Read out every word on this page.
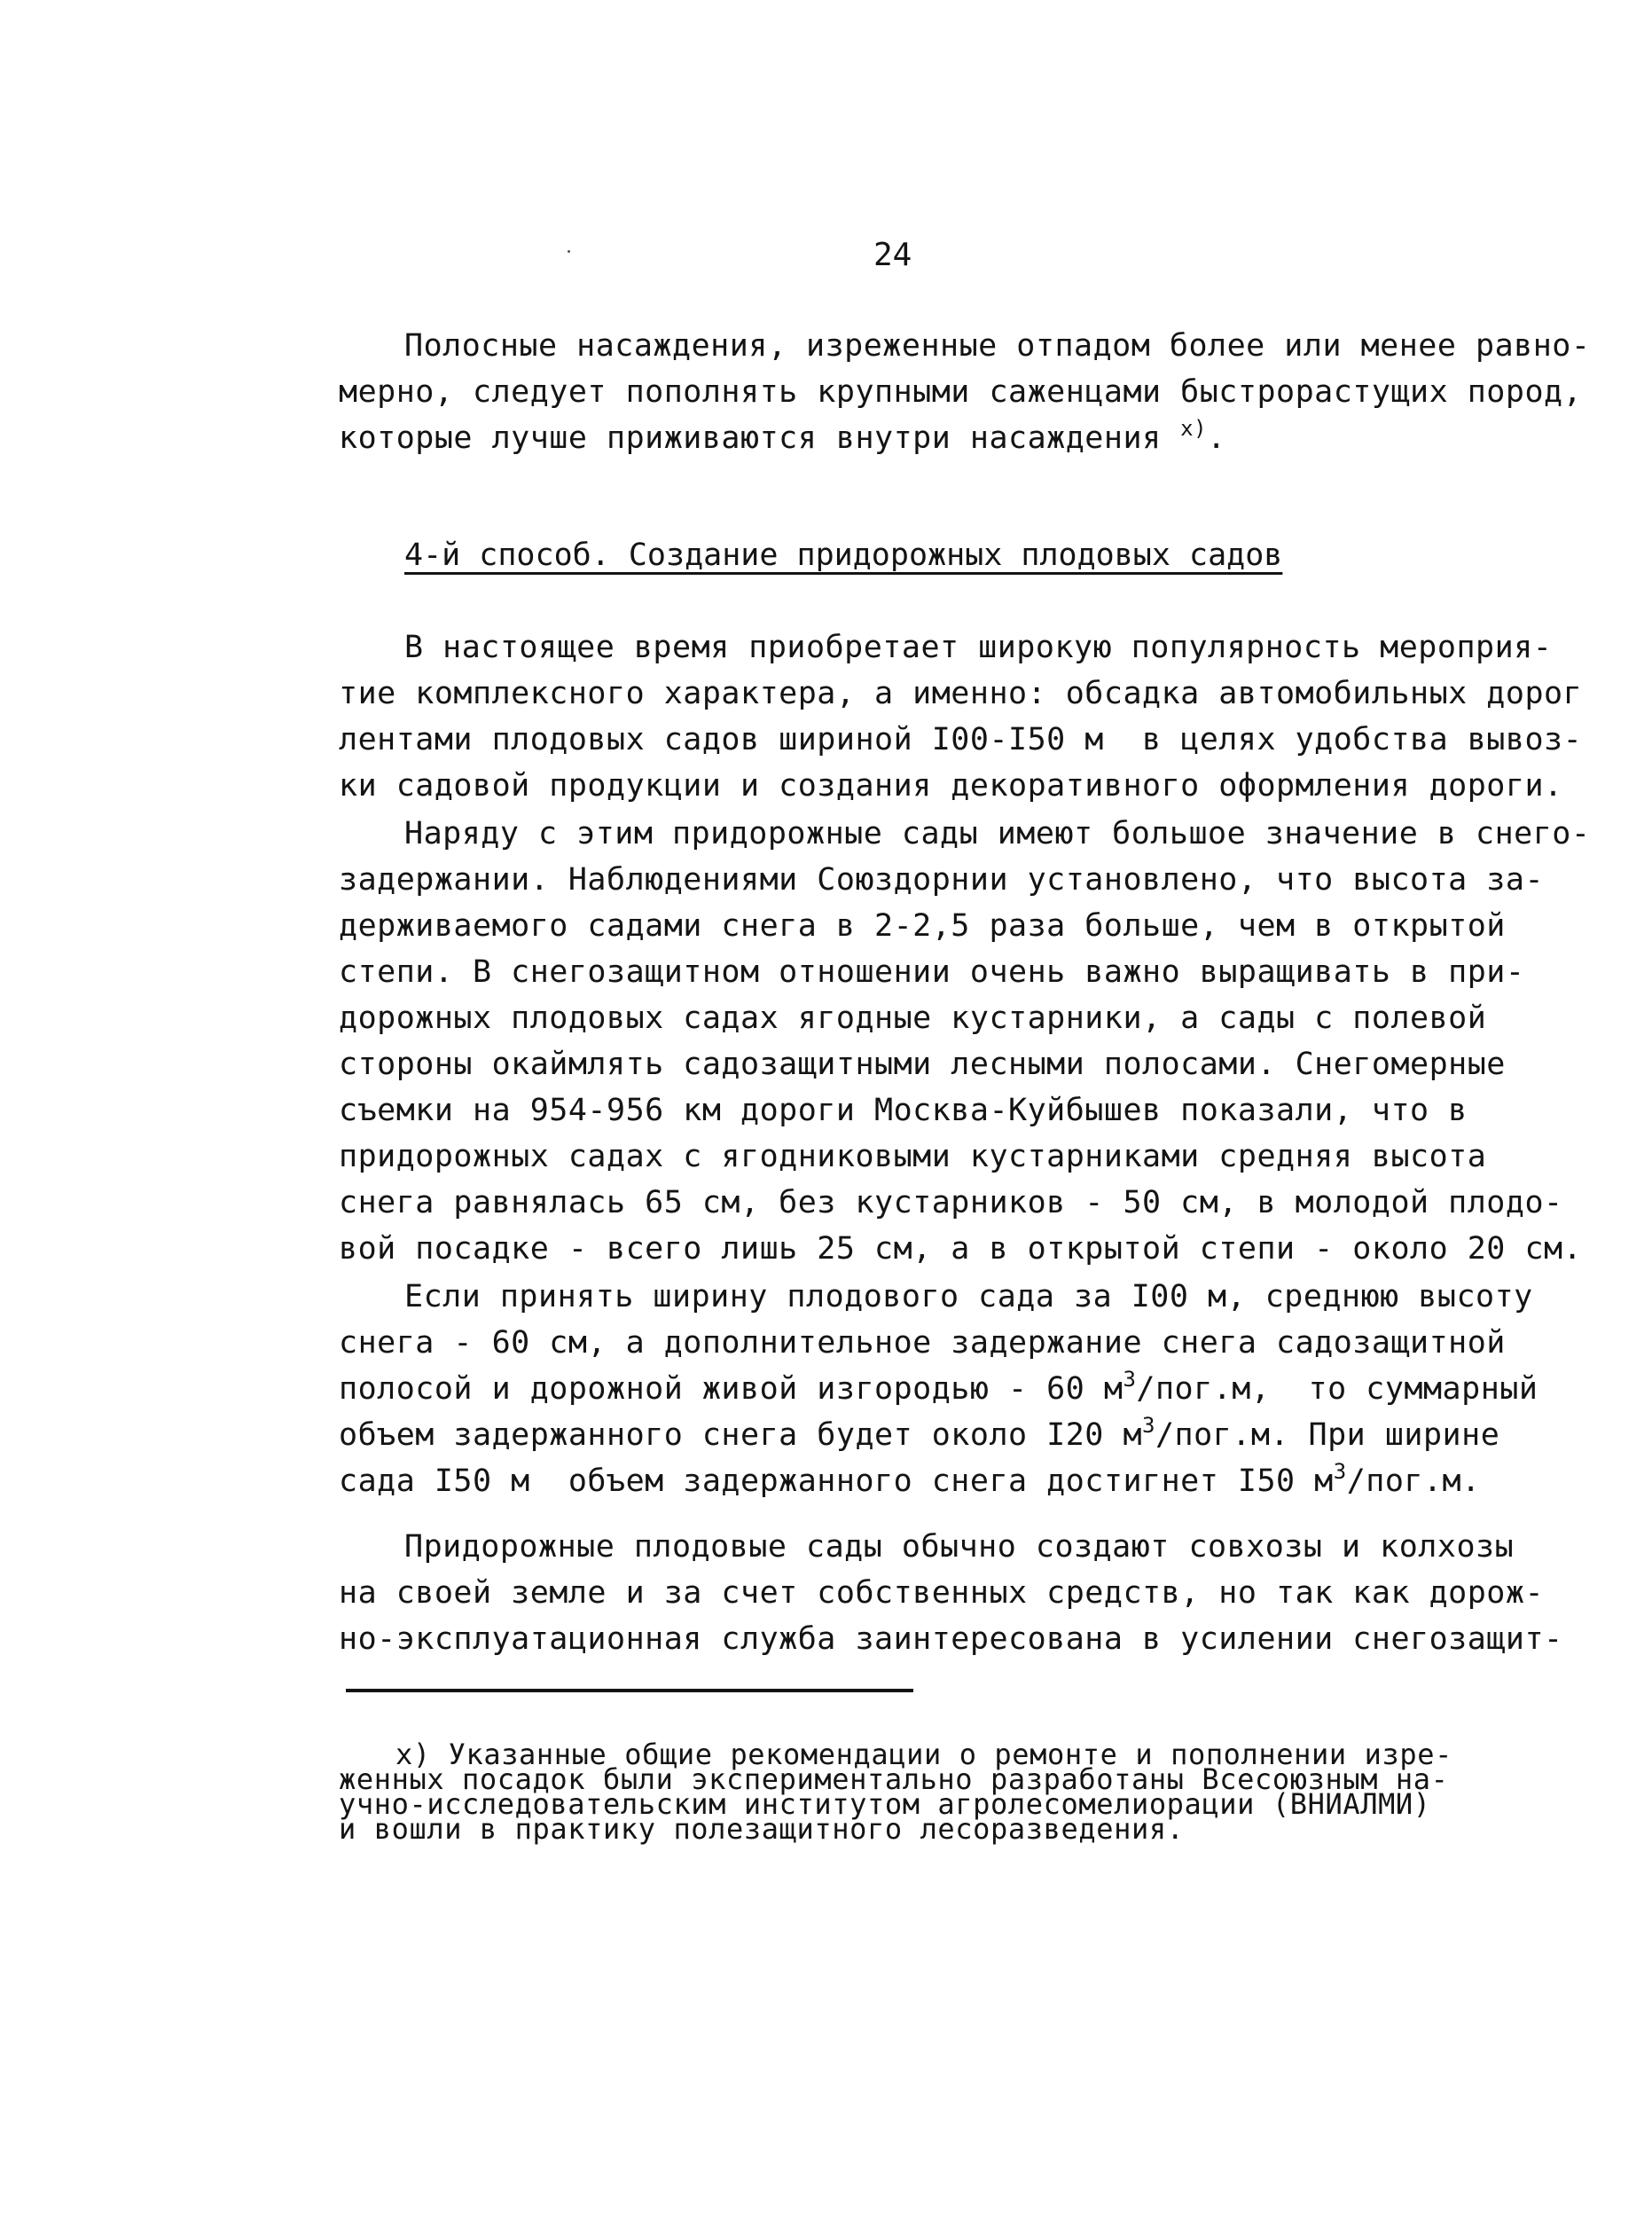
24
Полосные насаждения, изреженные отпадом более или менее равно-
мерно, следует пополнять крупными саженцами быстрорастущих пород,
которые лучше приживаются внутри насаждения $^{х)}$.
4-й способ. Создание придорожных плодовых садов
В настоящее время приобретает широкую популярность мероприя-
тие комплексного характера, а именно: обсадка автомобильных дорог
лентами плодовых садов шириной I00-I50 м  в целях удобства вывоз-
ки садовой продукции и создания декоративного оформления дороги.
Наряду с этим придорожные сады имеют большое значение в снего-
задержании. Наблюдениями Союздорнии установлено, что высота за-
держиваемого садами снега в 2-2,5 раза больше, чем в открытой
степи. В снегозащитном отношении очень важно выращивать в при-
дорожных плодовых садах ягодные кустарники, а сады с полевой
стороны окаймлять садозащитными лесными полосами. Снегомерные
съемки на 954-956 км дороги Москва-Куйбышев показали, что в
придорожных садах с ягодниковыми кустарниками средняя высота
снега равнялась 65 см, без кустарников - 50 см, в молодой плодо-
вой посадке - всего лишь 25 см, а в открытой степи - около 20 см.
Если принять ширину плодового сада за I00 м, среднюю высоту
снега - 60 см, а дополнительное задержание снега садозащитной
полосой и дорожной живой изгородью - 60 $м^3/пог.м$,  то суммарный
объем задержанного снега будет около I20 $м^3/пог.м$. При ширине
сада I50 м  объем задержанного снега достигнет I50 $м^3/пог.м$.
Придорожные плодовые сады обычно создают совхозы и колхозы
на своей земле и за счет собственных средств, но так как дорож-
но-эксплуатационная служба заинтересована в усилении снегозащит-
х) Указанные общие рекомендации о ремонте и пополнении изре-
женных посадок были экспериментально разработаны Всесоюзным на-
учно-исследовательским институтом агролесомелиорации (ВНИАЛМИ)
и вошли в практику полезащитного лесоразведения.
